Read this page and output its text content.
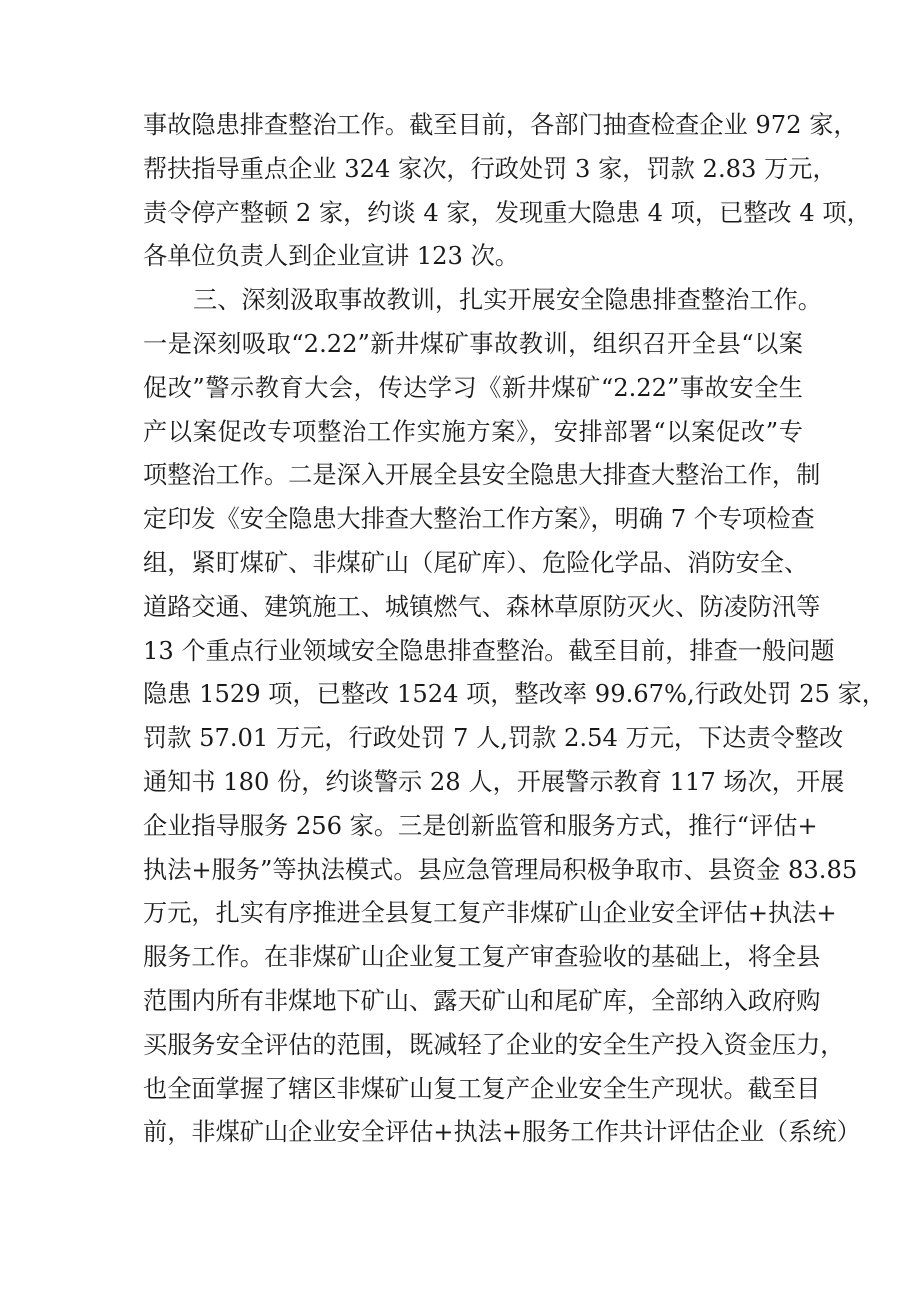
事故隐患排查整治工作。截至目前，各部门抽查检查企业 972 家，
帮扶指导重点企业 324 家次，行政处罚 3 家，罚款 2.83 万元，
责令停产整顿 2 家，约谈 4 家，发现重大隐患 4 项，已整改 4 项，
各单位负责人到企业宣讲 123 次。
三、深刻汲取事故教训，扎实开展安全隐患排查整治工作。
一是深刻吸取“2.22”新井煤矿事故教训，组织召开全县“以案
促改”警示教育大会，传达学习《新井煤矿“2.22”事故安全生
产以案促改专项整治工作实施方案》，安排部署“以案促改”专
项整治工作。二是深入开展全县安全隐患大排查大整治工作，制
定印发《安全隐患大排查大整治工作方案》，明确 7 个专项检查
组，紧盯煤矿、非煤矿山（尾矿库）、危险化学品、消防安全、
道路交通、建筑施工、城镇燃气、森林草原防灭火、防凌防汛等
13 个重点行业领域安全隐患排查整治。截至目前，排查一般问题
隐患 1529 项，已整改 1524 项，整改率 99.67%,行政处罚 25 家，
罚款 57.01 万元，行政处罚 7 人,罚款 2.54 万元，下达责令整改
通知书 180 份，约谈警示 28 人，开展警示教育 117 场次，开展
企业指导服务 256 家。三是创新监管和服务方式，推行“评估+
执法+服务”等执法模式。县应急管理局积极争取市、县资金 83.85
万元，扎实有序推进全县复工复产非煤矿山企业安全评估+执法+
服务工作。在非煤矿山企业复工复产审查验收的基础上，将全县
范围内所有非煤地下矿山、露天矿山和尾矿库，全部纳入政府购
买服务安全评估的范围，既减轻了企业的安全生产投入资金压力，
也全面掌握了辖区非煤矿山复工复产企业安全生产现状。截至目
前，非煤矿山企业安全评估+执法+服务工作共计评估企业（系统）
